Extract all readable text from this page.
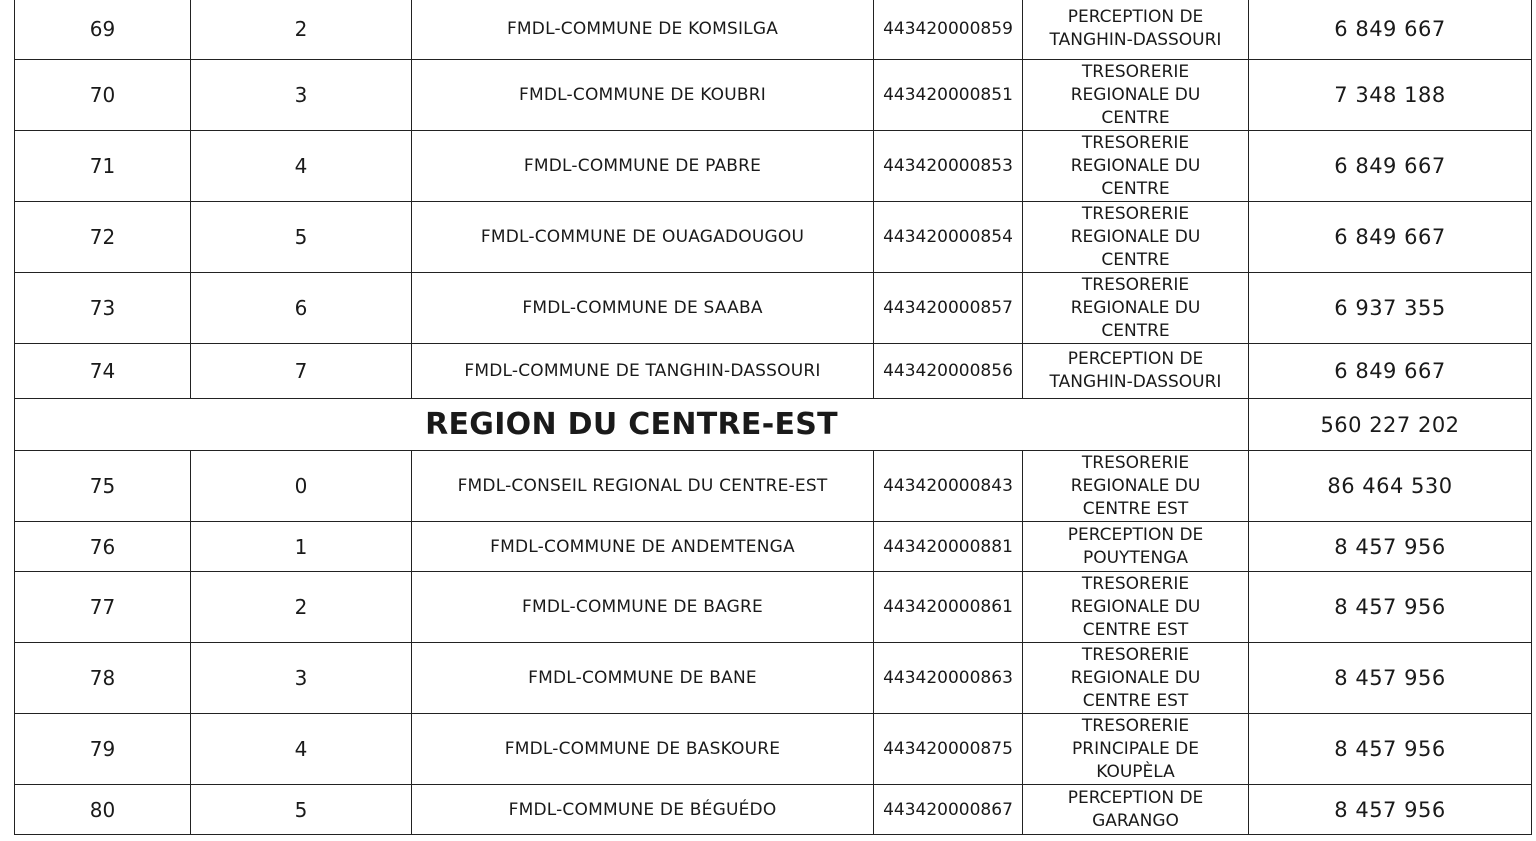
69	2	FMDL-COMMUNE DE KOMSILGA	443420000859	PERCEPTION DE
TANGHIN-DASSOURI	6 849 667
70	3	FMDL-COMMUNE DE KOUBRI	443420000851	TRESORERIE
REGIONALE DU
CENTRE	7 348 188
71	4	FMDL-COMMUNE DE PABRE	443420000853	TRESORERIE
REGIONALE DU
CENTRE	6 849 667
72	5	FMDL-COMMUNE DE OUAGADOUGOU	443420000854	TRESORERIE
REGIONALE DU
CENTRE	6 849 667
73	6	FMDL-COMMUNE DE SAABA	443420000857	TRESORERIE
REGIONALE DU
CENTRE	6 937 355
74	7	FMDL-COMMUNE DE TANGHIN-DASSOURI	443420000856	PERCEPTION DE
TANGHIN-DASSOURI	6 849 667
REGION DU CENTRE-EST					560 227 202
75	0	FMDL-CONSEIL REGIONAL DU CENTRE-EST	443420000843	TRESORERIE
REGIONALE DU
CENTRE EST	86 464 530
76	1	FMDL-COMMUNE DE ANDEMTENGA	443420000881	PERCEPTION DE
POUYTENGA	8 457 956
77	2	FMDL-COMMUNE DE BAGRE	443420000861	TRESORERIE
REGIONALE DU
CENTRE EST	8 457 956
78	3	FMDL-COMMUNE DE BANE	443420000863	TRESORERIE
REGIONALE DU
CENTRE EST	8 457 956
79	4	FMDL-COMMUNE DE BASKOURE	443420000875	TRESORERIE
PRINCIPALE DE
KOUPÈLA	8 457 956
80	5	FMDL-COMMUNE DE BÉGUÉDO	443420000867	PERCEPTION DE
GARANGO	8 457 956
